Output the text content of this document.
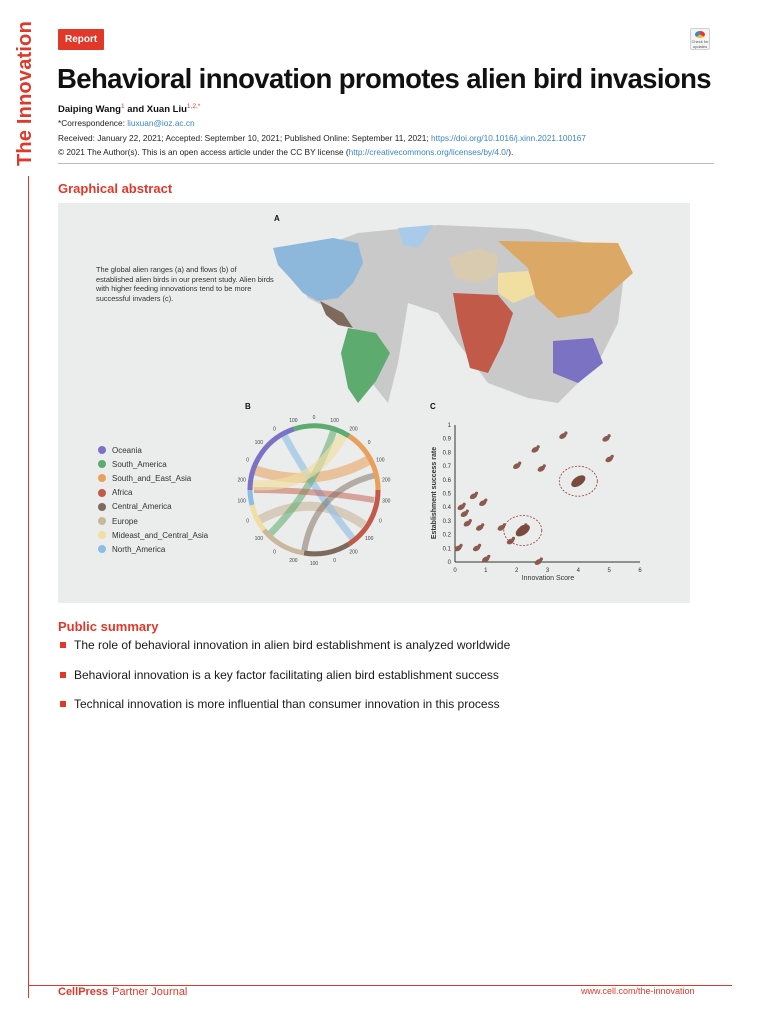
The Innovation	Report	Check for updates
Behavioral innovation promotes alien bird invasions
Daiping Wang$^1$ and Xuan Liu$^{1,2,*}$
*Correspondence: liuxuan@ioz.ac.cn
Received: January 22, 2021; Accepted: September 10, 2021; Published Online: September 11, 2021; https://doi.org/10.1016/j.xinn.2021.100167
© 2021 The Author(s). This is an open access article under the CC BY license (http://creativecommons.org/licenses/by/4.0/).
Graphical abstract
0	100
200
0
100
200
300
0
100
200
0
100
200
0
100
0
100
200
0
100
0
100
0	1	2	3	4	5	6
0
0.1
0.2
0.3
0.4
0.5
0.6
0.7
0.8
0.9
1
Innovation Score
Establishment success rate
A
B	C
The global alien ranges (a) and flows (b) of established alien birds in our present study. Alien birds with higher feeding innovations tend to be more successful invaders (c).
Oceania
South_America
South_and_East_Asia
Africa
Central_America
Europe
Mideast_and_Central_Asia
North_America
Public summary
The role of behavioral innovation in alien bird establishment is analyzed worldwide
Behavioral innovation is a key factor facilitating alien bird establishment success
Technical innovation is more influential than consumer innovation in this process
CellPress Partner Journal	www.cell.com/the-innovation
